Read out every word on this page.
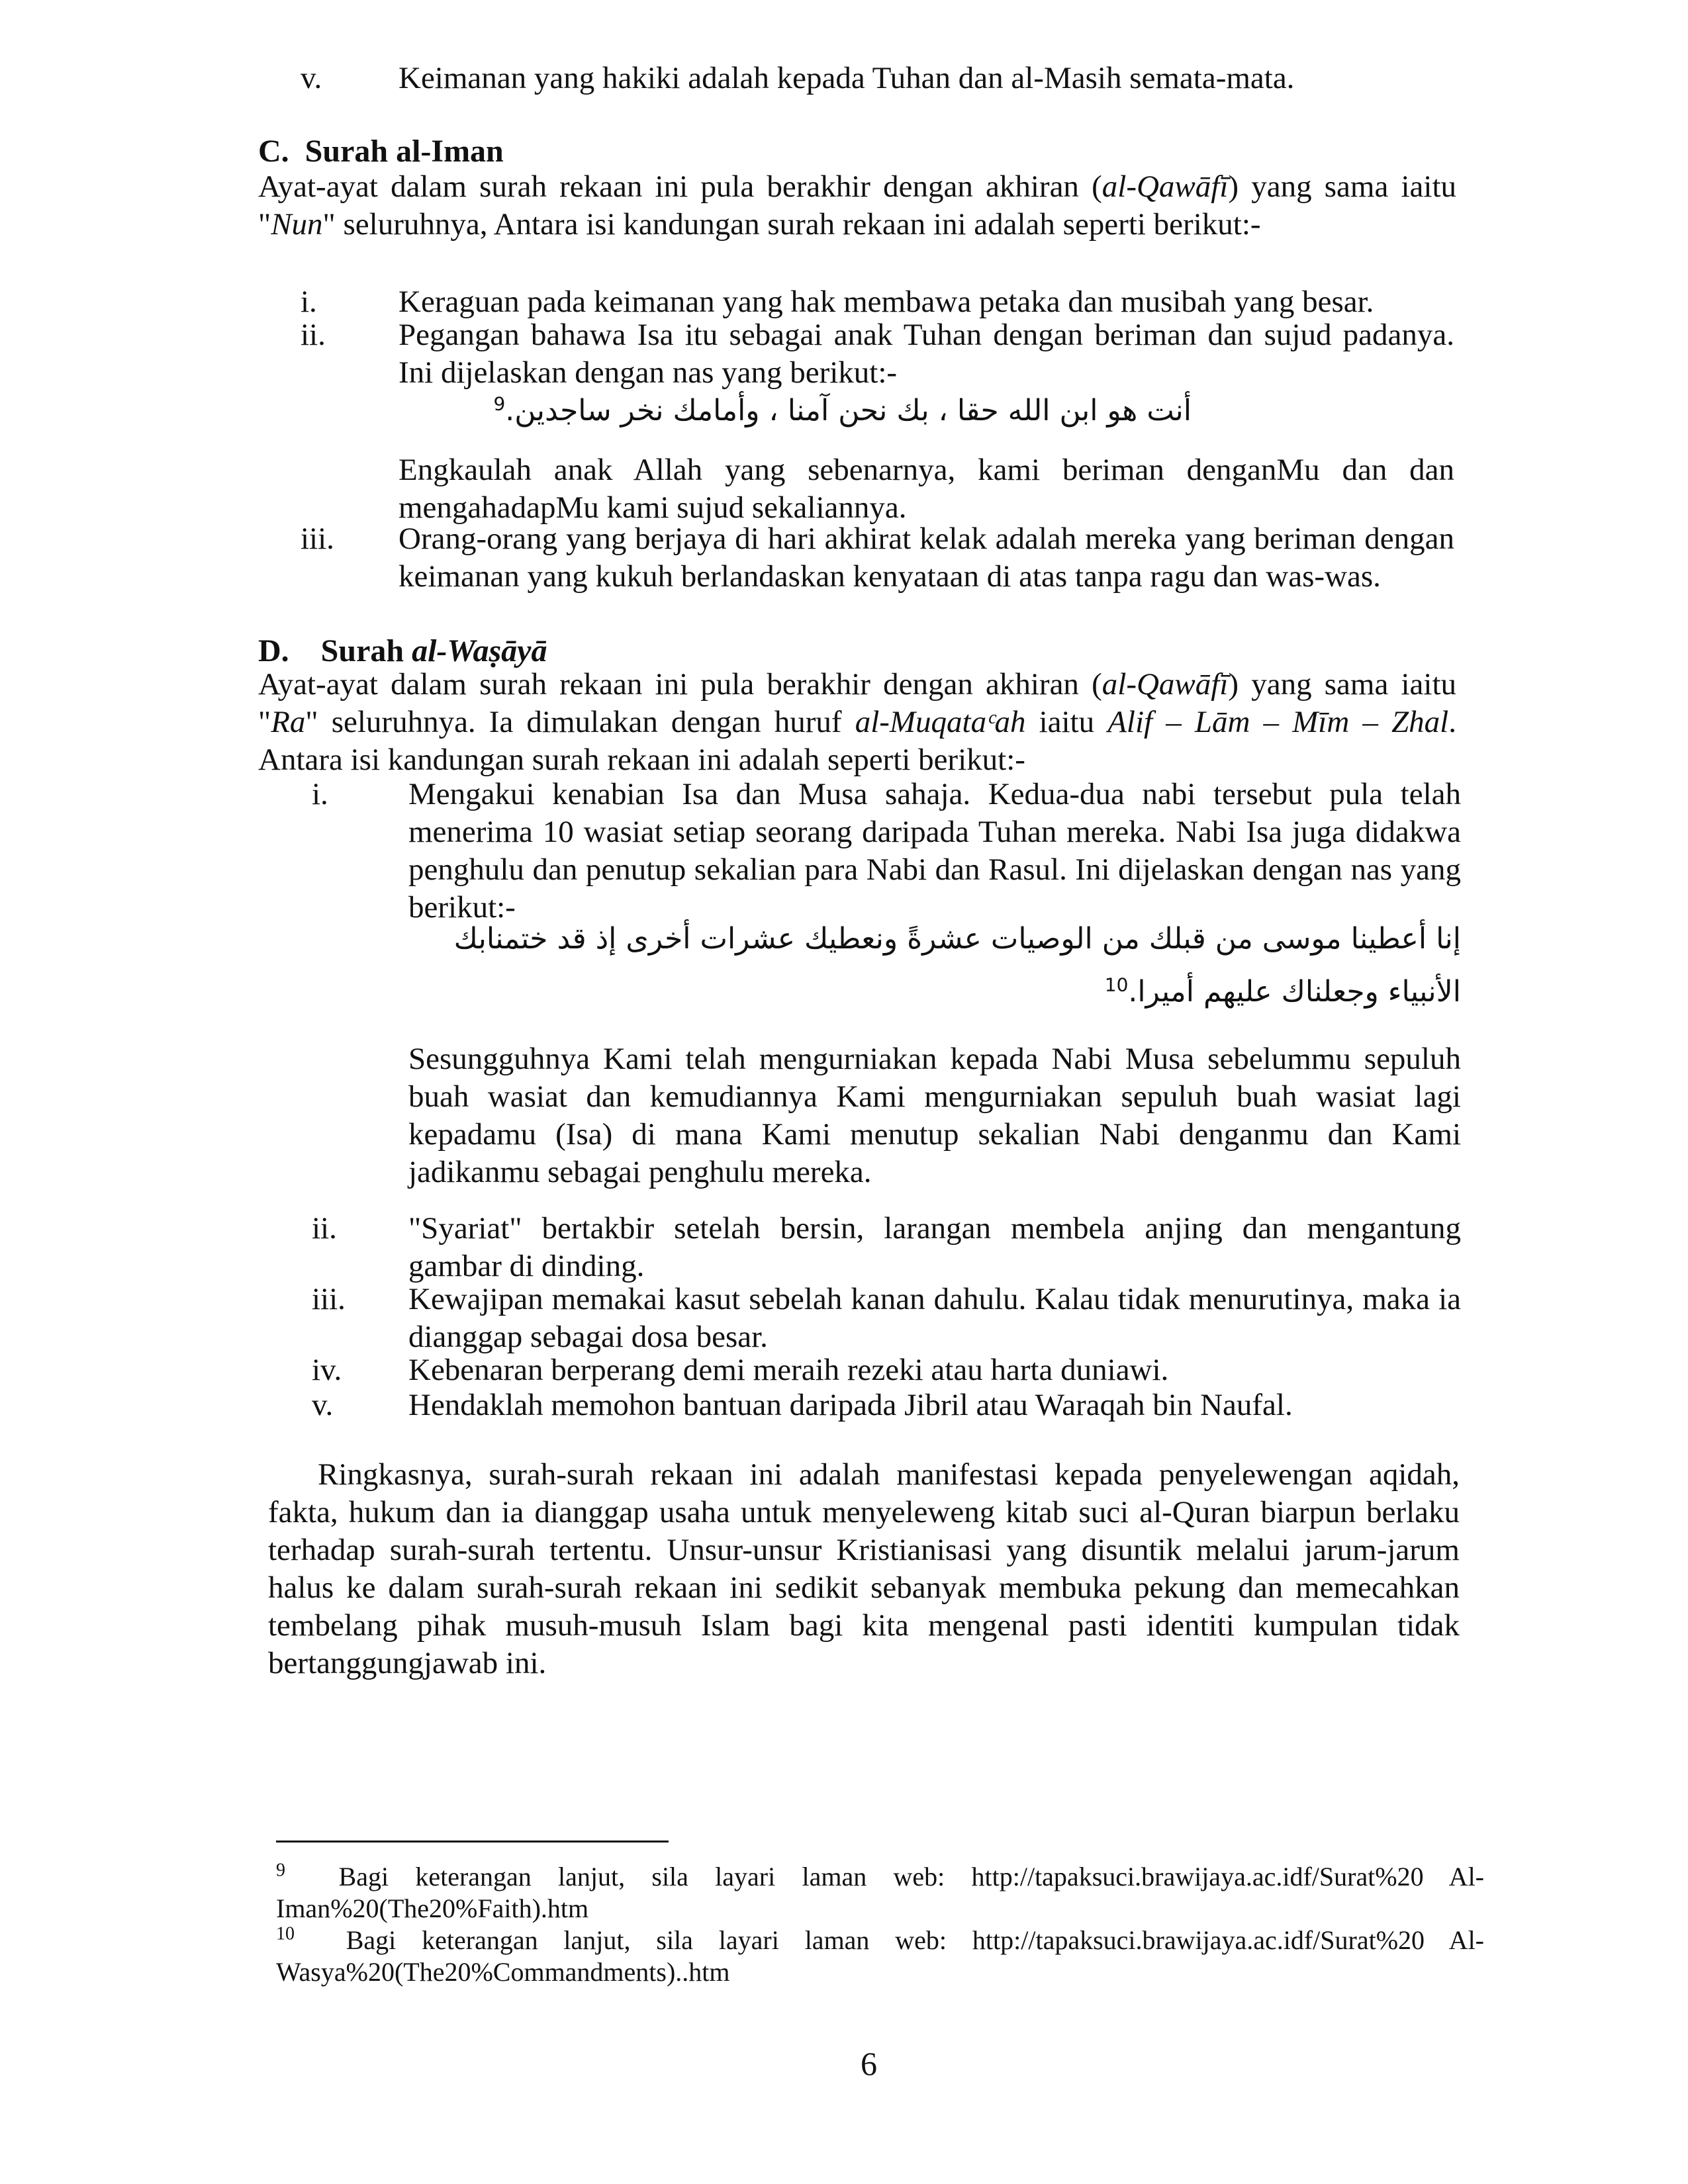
v. Keimanan yang hakiki adalah kepada Tuhan dan al-Masih semata-mata.
C. Surah al-Iman
Ayat-ayat dalam surah rekaan ini pula berakhir dengan akhiran (al-Qawāfī) yang sama iaitu "Nun" seluruhnya, Antara isi kandungan surah rekaan ini adalah seperti berikut:-
i.	Keraguan pada keimanan yang hak membawa petaka dan musibah yang besar.
ii. Pegangan bahawa Isa itu sebagai anak Tuhan dengan beriman dan sujud padanya. Ini dijelaskan dengan nas yang berikut:-
أنت هو ابن الله حقا ، بك نحن آمنا ، وأمامك نخر ساجدين.$^9$
Engkaulah anak Allah yang sebenarnya, kami beriman denganMu dan dan mengahadapMu kami sujud sekaliannya.
iii. Orang-orang yang berjaya di hari akhirat kelak adalah mereka yang beriman dengan keimanan yang kukuh berlandaskan kenyataan di atas tanpa ragu dan was-was.
D. Surah al-Waṣāyā
Ayat-ayat dalam surah rekaan ini pula berakhir dengan akhiran (al-Qawāfī) yang sama iaitu "Ra" seluruhnya. Ia dimulakan dengan huruf al-Muqataᶜah iaitu Alif – Lām – Mīm – Zhal. Antara isi kandungan surah rekaan ini adalah seperti berikut:-
i.	Mengakui kenabian Isa dan Musa sahaja. Kedua-dua nabi tersebut pula telah menerima 10 wasiat setiap seorang daripada Tuhan mereka. Nabi Isa juga didakwa penghulu dan penutup sekalian para Nabi dan Rasul. Ini dijelaskan dengan nas yang berikut:-
إنا أعطينا موسى من قبلك من الوصيات عشرةً ونعطيك عشرات أخرى إذ قد ختمنابك
الأنبياء وجعلناك عليهم أميرا.$^{10}$
Sesungguhnya Kami telah mengurniakan kepada Nabi Musa sebelummu sepuluh buah wasiat dan kemudiannya Kami mengurniakan sepuluh buah wasiat lagi kepadamu (Isa) di mana Kami menutup sekalian Nabi denganmu dan Kami jadikanmu sebagai penghulu mereka.
ii. "Syariat" bertakbir setelah bersin, larangan membela anjing dan mengantung gambar di dinding.
iii. Kewajipan memakai kasut sebelah kanan dahulu. Kalau tidak menurutinya, maka ia dianggap sebagai dosa besar.
iv. Kebenaran berperang demi meraih rezeki atau harta duniawi.
v. Hendaklah memohon bantuan daripada Jibril atau Waraqah bin Naufal.
Ringkasnya, surah-surah rekaan ini adalah manifestasi kepada penyelewengan aqidah, fakta, hukum dan ia dianggap usaha untuk menyeleweng kitab suci al-Quran biarpun berlaku terhadap surah-surah tertentu. Unsur-unsur Kristianisasi yang disuntik melalui jarum-jarum halus ke dalam surah-surah rekaan ini sedikit sebanyak membuka pekung dan memecahkan tembelang pihak musuh-musuh Islam bagi kita mengenal pasti identiti kumpulan tidak bertanggungjawab ini.
$^9$ Bagi keterangan lanjut, sila layari laman web: http://tapaksuci.brawijaya.ac.idf/Surat%20 Al-Iman%20(The20%Faith).htm
$^{10}$ Bagi keterangan lanjut, sila layari laman web: http://tapaksuci.brawijaya.ac.idf/Surat%20 Al-Wasya%20(The20%Commandments)..htm
6
